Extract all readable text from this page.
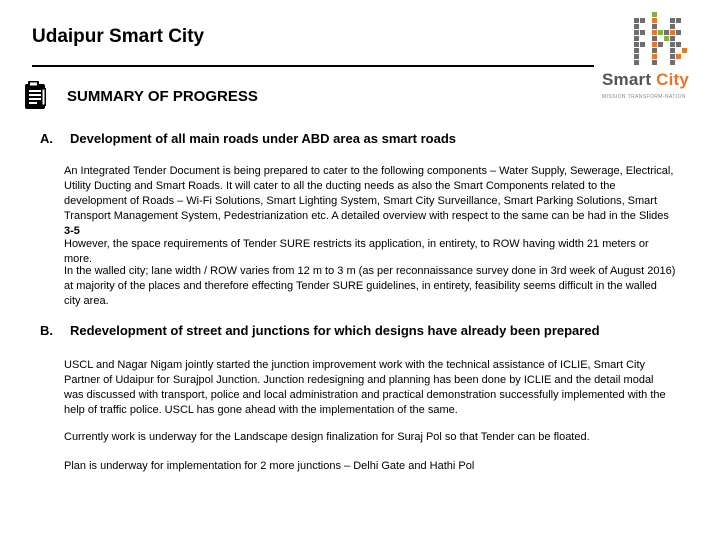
Udaipur Smart City
Smart City
MISSION TRANSFORM-NATION
SUMMARY OF PROGRESS
A. Development of all main roads under ABD area as smart roads
An Integrated Tender Document is being prepared to cater to the following components – Water Supply, Sewerage, Electrical, Utility Ducting and Smart Roads. It will cater to all the ducting needs as also the Smart Components related to the development of Roads – Wi-Fi Solutions, Smart Lighting System, Smart City Surveillance, Smart Parking Solutions, Smart Transport Management System, Pedestrianization etc. A detailed overview with respect to the same can be had in the Slides 3-5
However, the space requirements of Tender SURE restricts its application, in entirety, to ROW having width 21 meters or more.
In the walled city; lane width / ROW varies from 12 m to 3 m (as per reconnaissance survey done in 3rd week of August 2016) at majority of the places and therefore effecting Tender SURE guidelines, in entirety, feasibility seems difficult in the walled city area.
B. Redevelopment of street and junctions for which designs have already been prepared
USCL and Nagar Nigam jointly started the junction improvement work with the technical assistance of ICLIE, Smart City Partner of Udaipur for Surajpol Junction. Junction redesigning and planning has been done by ICLIE and the detail modal was discussed with transport, police and local administration and practical demonstration successfully implemented with the help of traffic police. USCL has gone ahead with the implementation of the same.
Currently work is underway for the Landscape design finalization for Suraj Pol so that Tender can be floated.
Plan is underway for implementation for 2 more junctions – Delhi Gate and Hathi Pol
